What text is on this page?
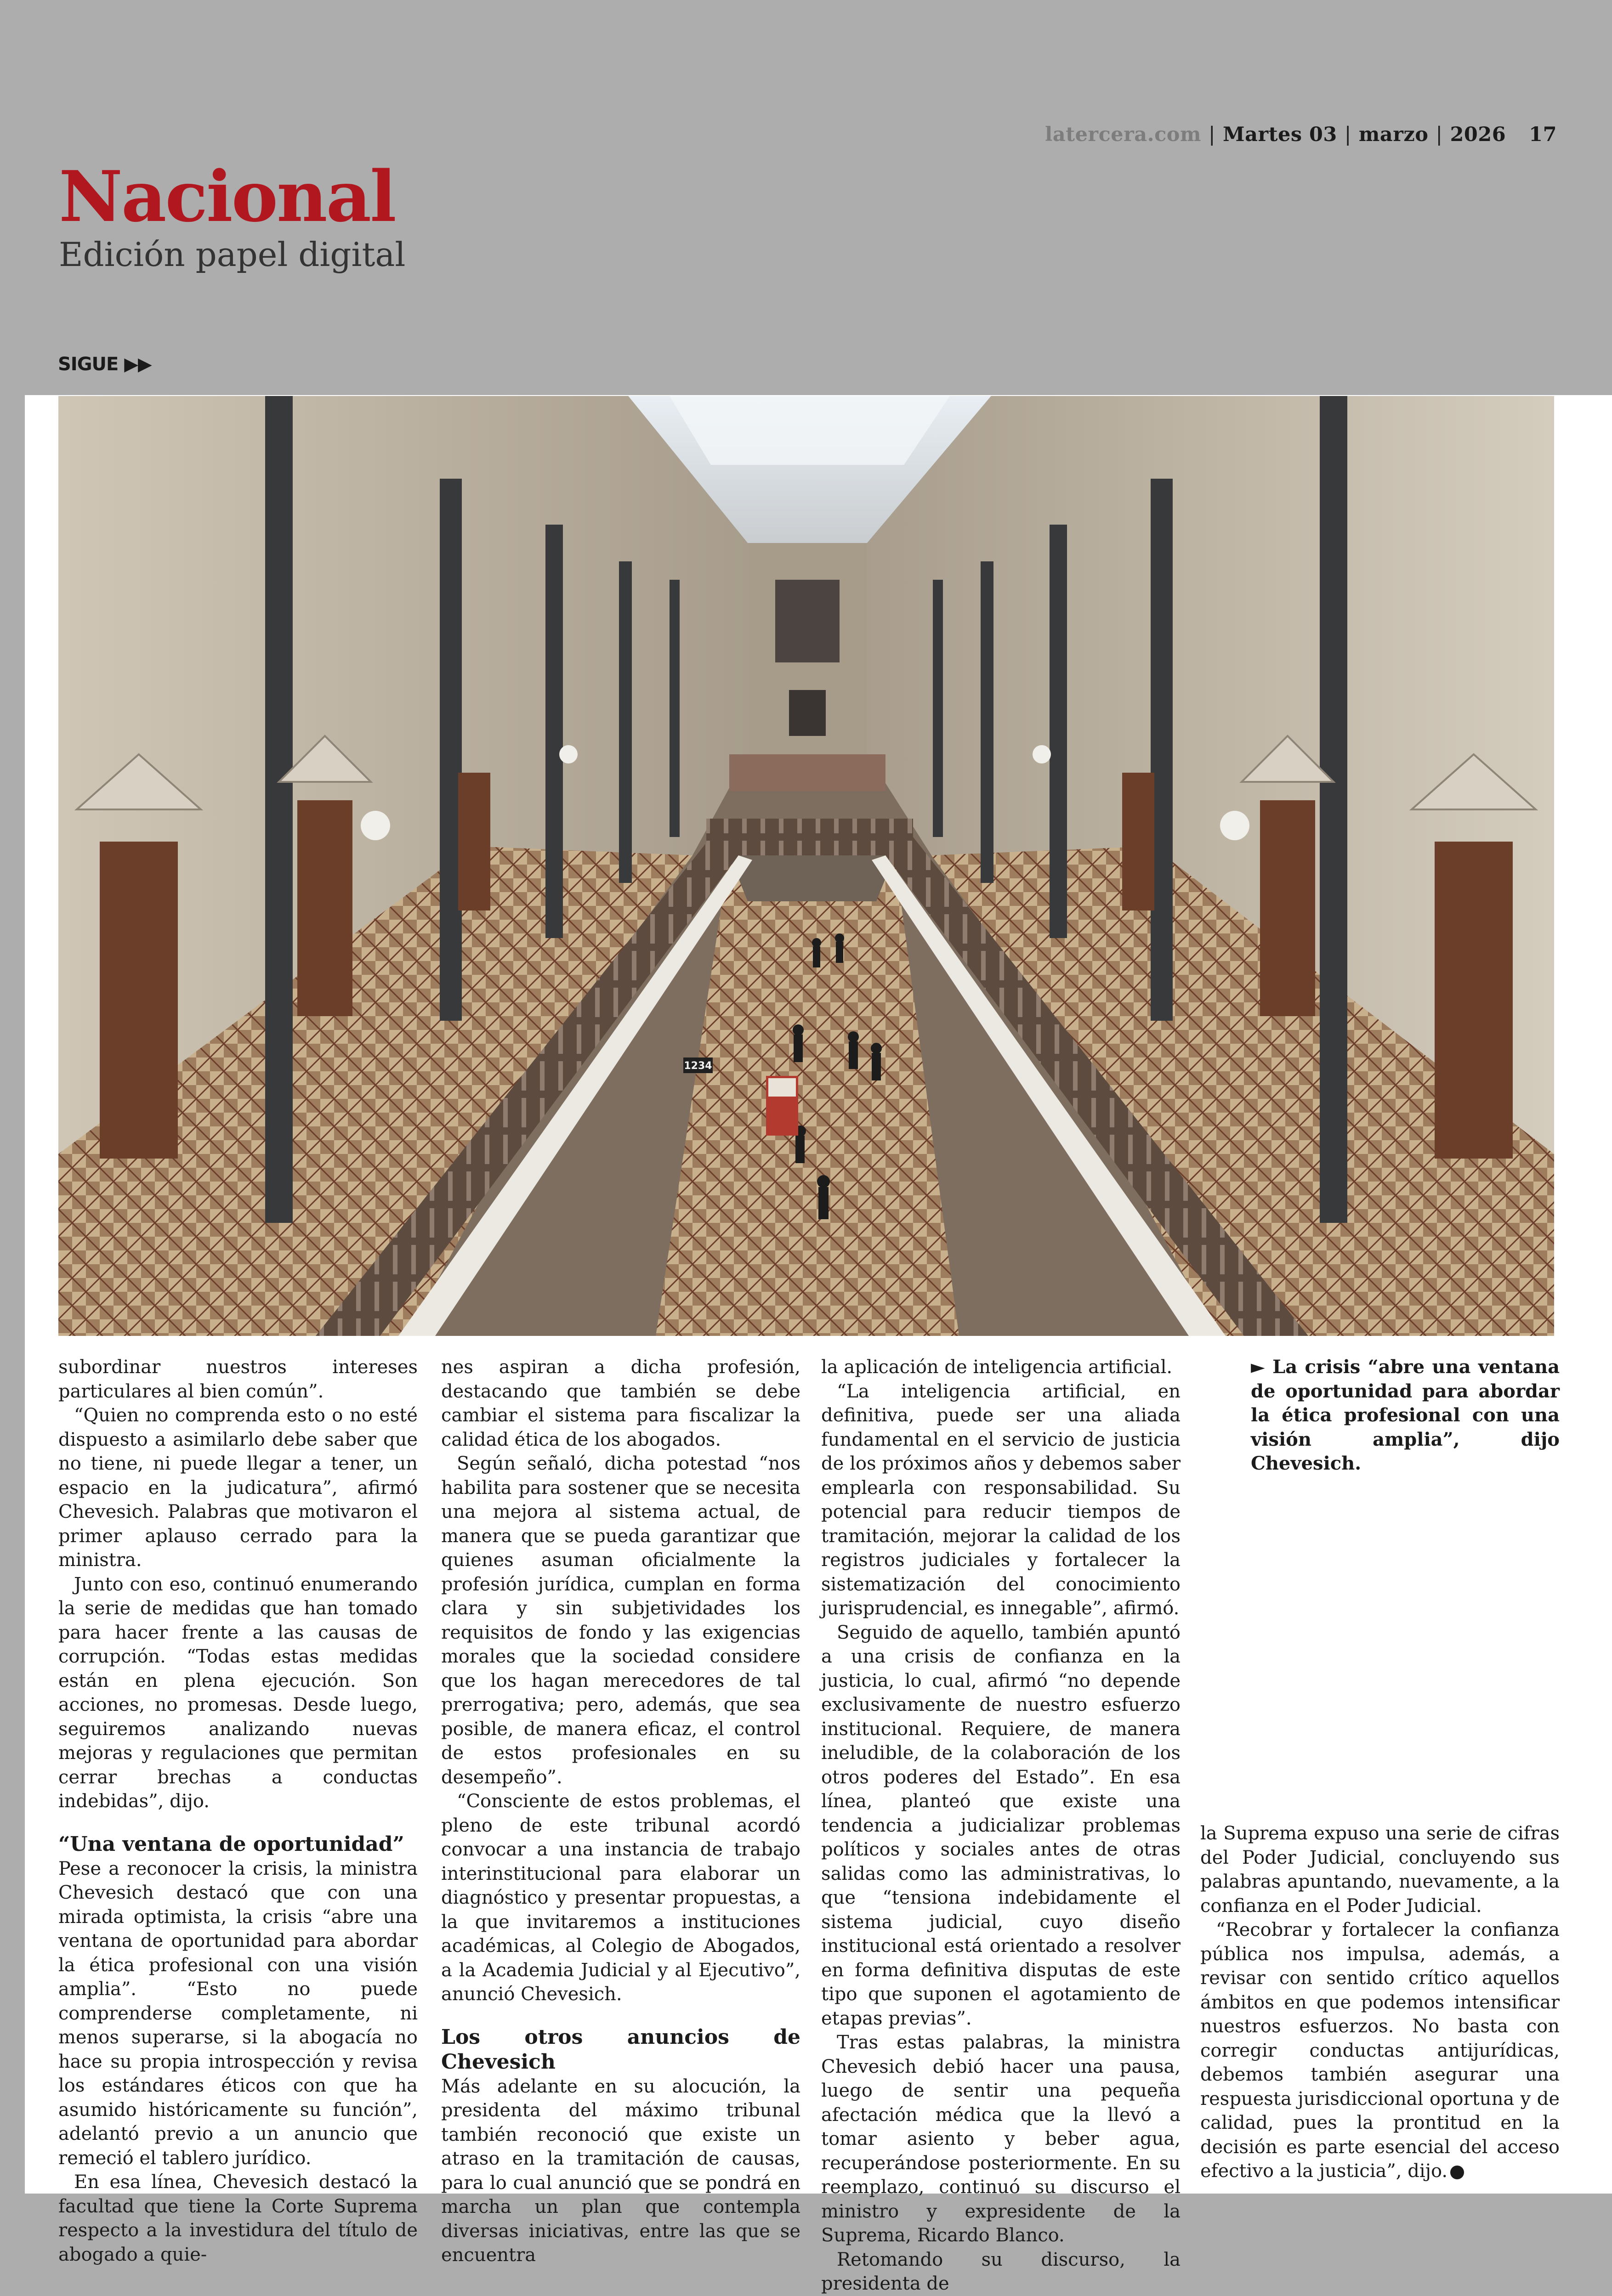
latercera.com | Martes 03 | marzo | 2026 17
Nacional
Edición papel digital
SIGUE ▶▶
1234

subordinar nuestros intereses particulares al bien común”.

“Quien no comprenda esto o no esté dispuesto a asimilarlo debe saber que no tiene, ni puede llegar a tener, un espacio en la judicatura”, afirmó Chevesich. Palabras que motivaron el primer aplauso cerrado para la ministra.

Junto con eso, continuó enumerando la serie de medidas que han tomado para hacer frente a las causas de corrupción. “Todas estas medidas están en plena ejecución. Son acciones, no promesas. Desde luego, seguiremos analizando nuevas mejoras y regulaciones que permitan cerrar brechas a conductas indebidas”, dijo.

“Una ventana de oportunidad”

Pese a reconocer la crisis, la ministra Chevesich destacó que con una mirada optimista, la crisis “abre una ventana de oportunidad para abordar la ética profesional con una visión amplia”. “Esto no puede comprenderse completamente, ni menos superarse, si la abogacía no hace su propia introspección y revisa los estándares éticos con que ha asumido históricamente su función”, adelantó previo a un anuncio que remeció el tablero jurídico.

En esa línea, Chevesich destacó la facultad que tiene la Corte Suprema respecto a la investidura del título de abogado a quie-

nes aspiran a dicha profesión, destacando que también se debe cambiar el sistema para fiscalizar la calidad ética de los abogados.

Según señaló, dicha potestad “nos habilita para sostener que se necesita una mejora al sistema actual, de manera que se pueda garantizar que quienes asuman oficialmente la profesión jurídica, cumplan en forma clara y sin subjetividades los requisitos de fondo y las exigencias morales que la sociedad considere que los hagan merecedores de tal prerrogativa; pero, además, que sea posible, de manera eficaz, el control de estos profesionales en su desempeño”.

“Consciente de estos problemas, el pleno de este tribunal acordó convocar a una instancia de trabajo interinstitucional para elaborar un diagnóstico y presentar propuestas, a la que invitaremos a instituciones académicas, al Colegio de Abogados, a la Academia Judicial y al Ejecutivo”, anunció Chevesich.

Los otros anuncios de Chevesich

Más adelante en su alocución, la presidenta del máximo tribunal también reconoció que existe un atraso en la tramitación de causas, para lo cual anunció que se pondrá en marcha un plan que contempla diversas iniciativas, entre las que se encuentra

la aplicación de inteligencia artificial.

“La inteligencia artificial, en definitiva, puede ser una aliada fundamental en el servicio de justicia de los próximos años y debemos saber emplearla con responsabilidad. Su potencial para reducir tiempos de tramitación, mejorar la calidad de los registros judiciales y fortalecer la sistematización del conocimiento jurisprudencial, es innegable”, afirmó.

Seguido de aquello, también apuntó a una crisis de confianza en la justicia, lo cual, afirmó “no depende exclusivamente de nuestro esfuerzo institucional. Requiere, de manera ineludible, de la colaboración de los otros poderes del Estado”. En esa línea, planteó que existe una tendencia a judicializar problemas políticos y sociales antes de otras salidas como las administrativas, lo que “tensiona indebidamente el sistema judicial, cuyo diseño institucional está orientado a resolver en forma definitiva disputas de este tipo que suponen el agotamiento de etapas previas”.

Tras estas palabras, la ministra Chevesich debió hacer una pausa, luego de sentir una pequeña afectación médica que la llevó a tomar asiento y beber agua, recuperándose posteriormente. En su reemplazo, continuó su discurso el ministro y expresidente de la Suprema, Ricardo Blanco.

Retomando su discurso, la presidenta de

► La crisis “abre una ventana de oportunidad para abordar la ética profesional con una visión amplia”, dijo Chevesich.

la Suprema expuso una serie de cifras del Poder Judicial, concluyendo sus palabras apuntando, nuevamente, a la confianza en el Poder Judicial.

“Recobrar y fortalecer la confianza pública nos impulsa, además, a revisar con sentido crítico aquellos ámbitos en que podemos intensificar nuestros esfuerzos. No basta con corregir conductas antijurídicas, debemos también asegurar una respuesta jurisdiccional oportuna y de calidad, pues la prontitud en la decisión es parte esencial del acceso efectivo a la justicia”, dijo.
